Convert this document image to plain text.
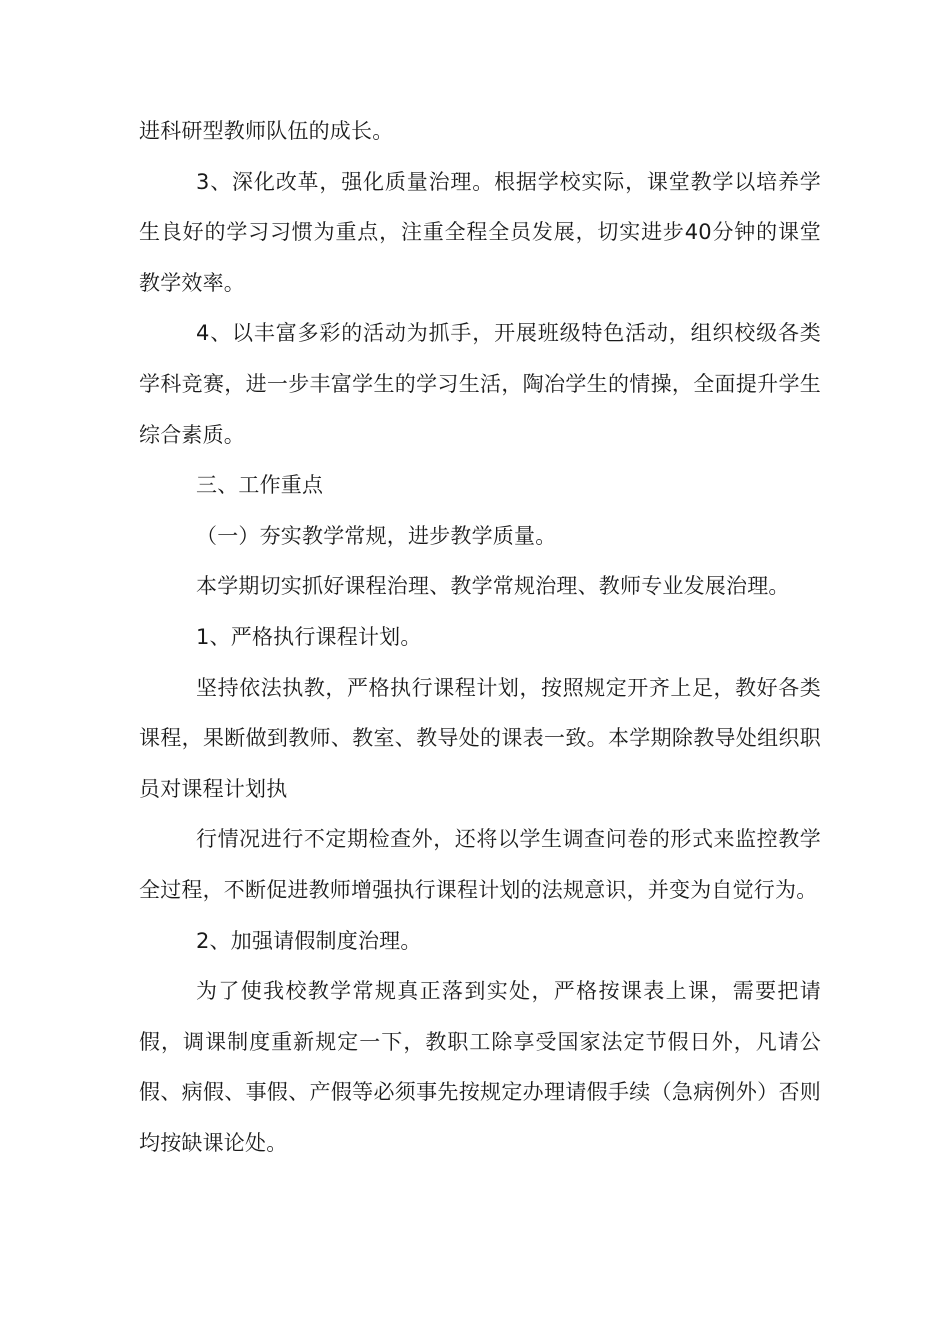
进科研型教师队伍的成长。

3、深化改革，强化质量治理。根据学校实际，课堂教学以培养学生良好的学习习惯为重点，注重全程全员发展，切实进步40分钟的课堂教学效率。

4、以丰富多彩的活动为抓手，开展班级特色活动，组织校级各类学科竞赛，进一步丰富学生的学习生活，陶冶学生的情操，全面提升学生综合素质。

三、工作重点

（一）夯实教学常规，进步教学质量。

本学期切实抓好课程治理、教学常规治理、教师专业发展治理。

1、严格执行课程计划。

坚持依法执教，严格执行课程计划，按照规定开齐上足，教好各类课程，果断做到教师、教室、教导处的课表一致。本学期除教导处组织职员对课程计划执

行情况进行不定期检查外，还将以学生调查问卷的形式来监控教学全过程，不断促进教师增强执行课程计划的法规意识，并变为自觉行为。

2、加强请假制度治理。

为了使我校教学常规真正落到实处，严格按课表上课，需要把请假，调课制度重新规定一下，教职工除享受国家法定节假日外，凡请公假、病假、事假、产假等必须事先按规定办理请假手续（急病例外）否则均按缺课论处。
